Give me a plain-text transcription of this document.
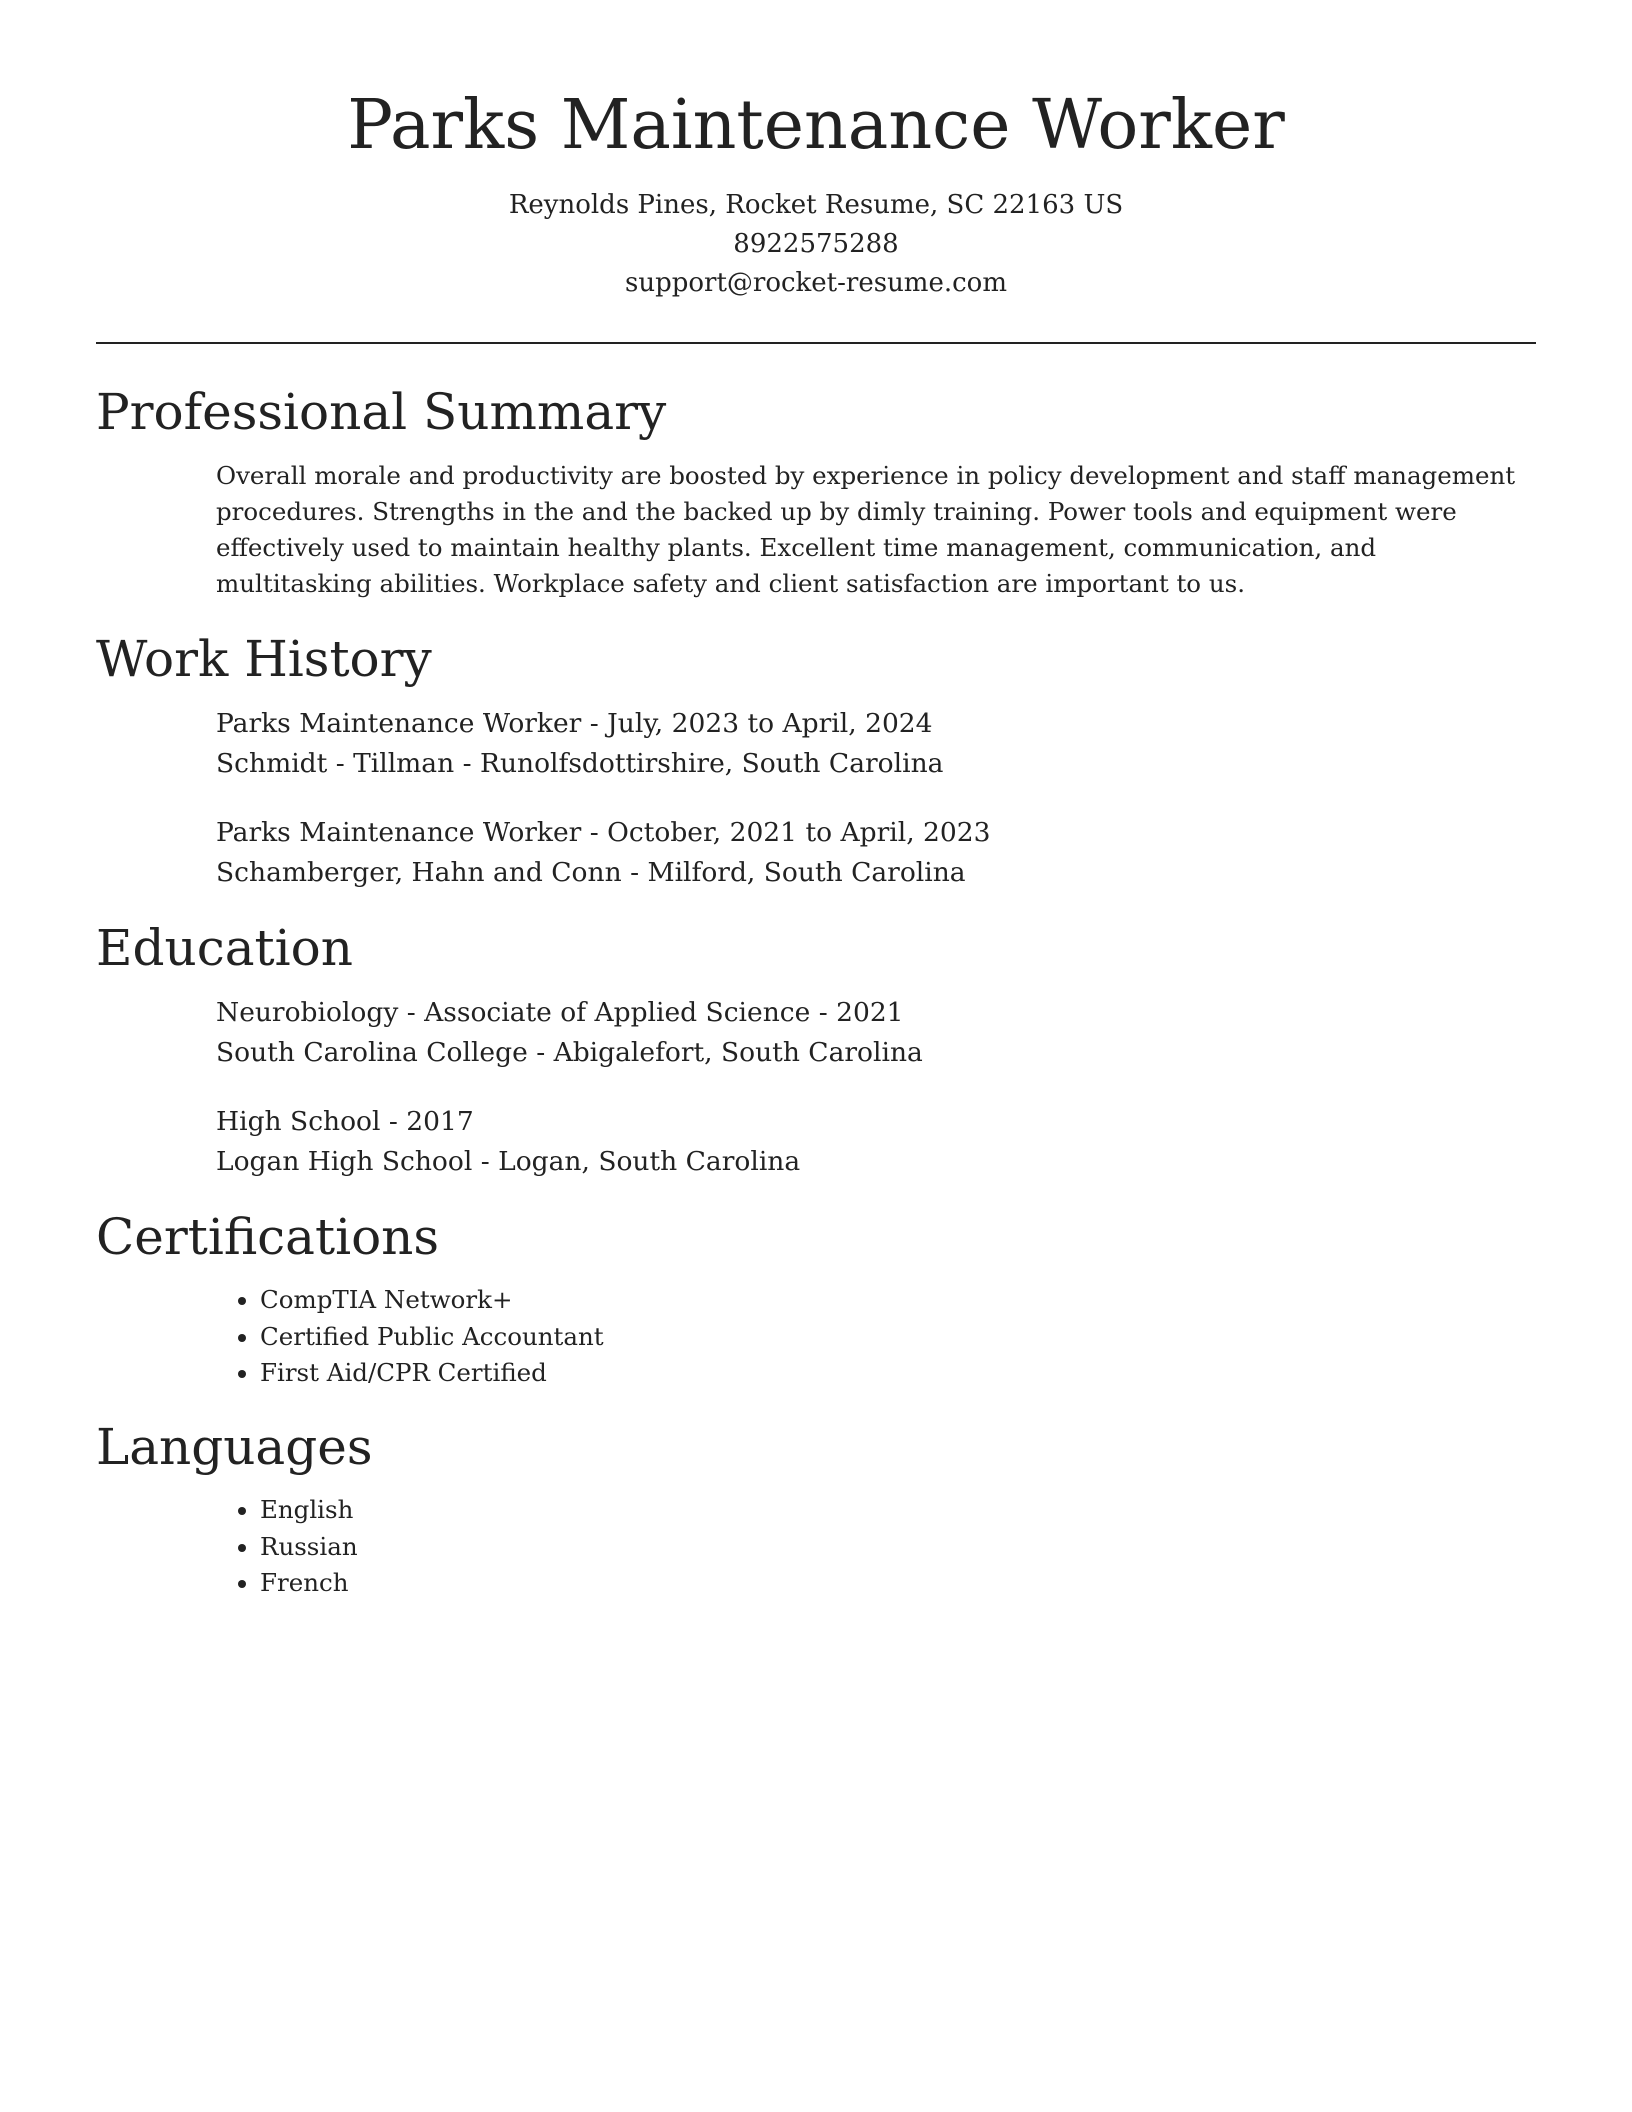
Parks Maintenance Worker
Reynolds Pines, Rocket Resume, SC 22163 US
8922575288
support@rocket-resume.com
Professional Summary
Overall morale and productivity are boosted by experience in policy development and staff management procedures. Strengths in the and the backed up by dimly training. Power tools and equipment were effectively used to maintain healthy plants. Excellent time management, communication, and multitasking abilities. Workplace safety and client satisfaction are important to us.
Work History
Parks Maintenance Worker - July, 2023 to April, 2024
Schmidt - Tillman - Runolfsdottirshire, South Carolina
Parks Maintenance Worker - October, 2021 to April, 2023
Schamberger, Hahn and Conn - Milford, South Carolina
Education
Neurobiology - Associate of Applied Science - 2021
South Carolina College - Abigalefort, South Carolina
High School - 2017
Logan High School - Logan, South Carolina
Certifications
• CompTIA Network+
• Certified Public Accountant
• First Aid/CPR Certified
Languages
• English
• Russian
• French
